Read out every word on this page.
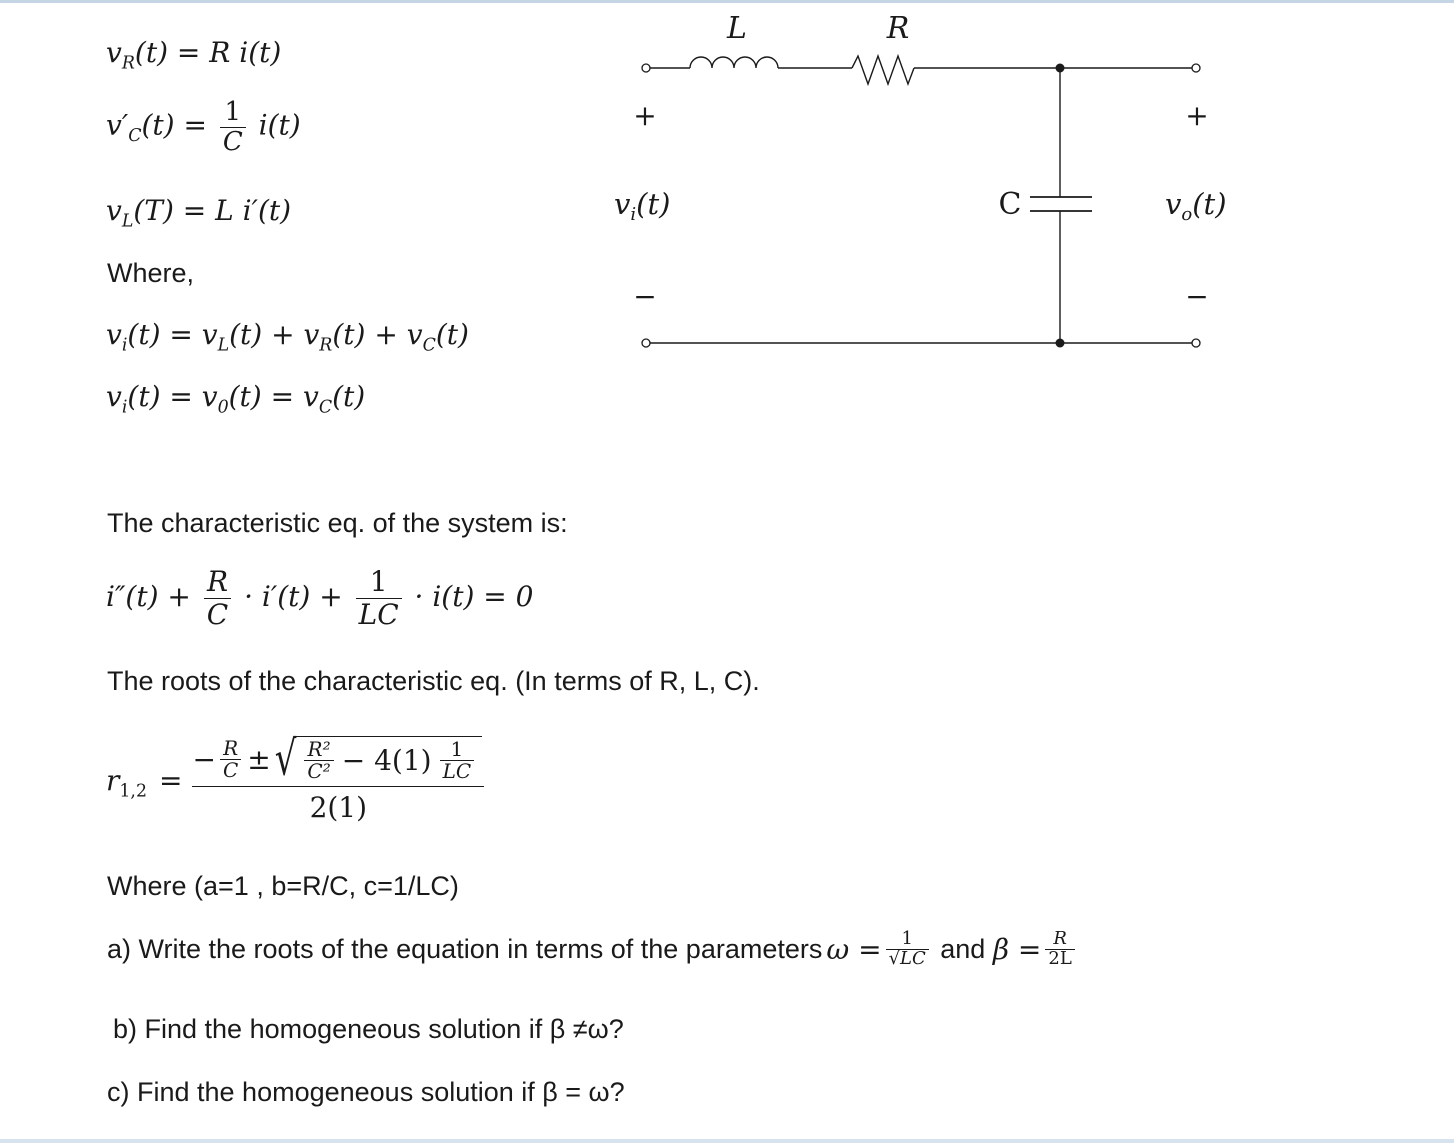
$v_R(t) = R$ i(t)
$v'_C(t) = \frac{1}{C} i(t)$
$v_L(T) = L$ i′(t)
Where,
$v_i(t) = v_L(t) + v_R(t) + v_C(t)$
$v_i(t) = v_0(t) = v_C(t)$
L	R
C
+
−
+
−
$v_i(t)$	$v_o(t)$
The characteristic eq. of the system is:
$i''(t) + \frac{R}{C} \cdot i'(t) + \frac{1}{LC} \cdot i(t) = 0$
The roots of the characteristic eq. (In terms of R, L, C).
$r_{1,2}$ =
− $\frac{R}{C}$ ± √ $\frac{\text{R²}}{\text{C²}} - 4(1) \frac{1}{LC}$
2(1)
Where (a=1 , b=R/C, c=1/LC)
a) Write the roots of the equation in terms of the parameters $\omega = \frac{1}{√LC}$ and $\beta = \frac{R}{2L}$
b) Find the homogeneous solution if β ≠ω?
c) Find the homogeneous solution if β = ω?
